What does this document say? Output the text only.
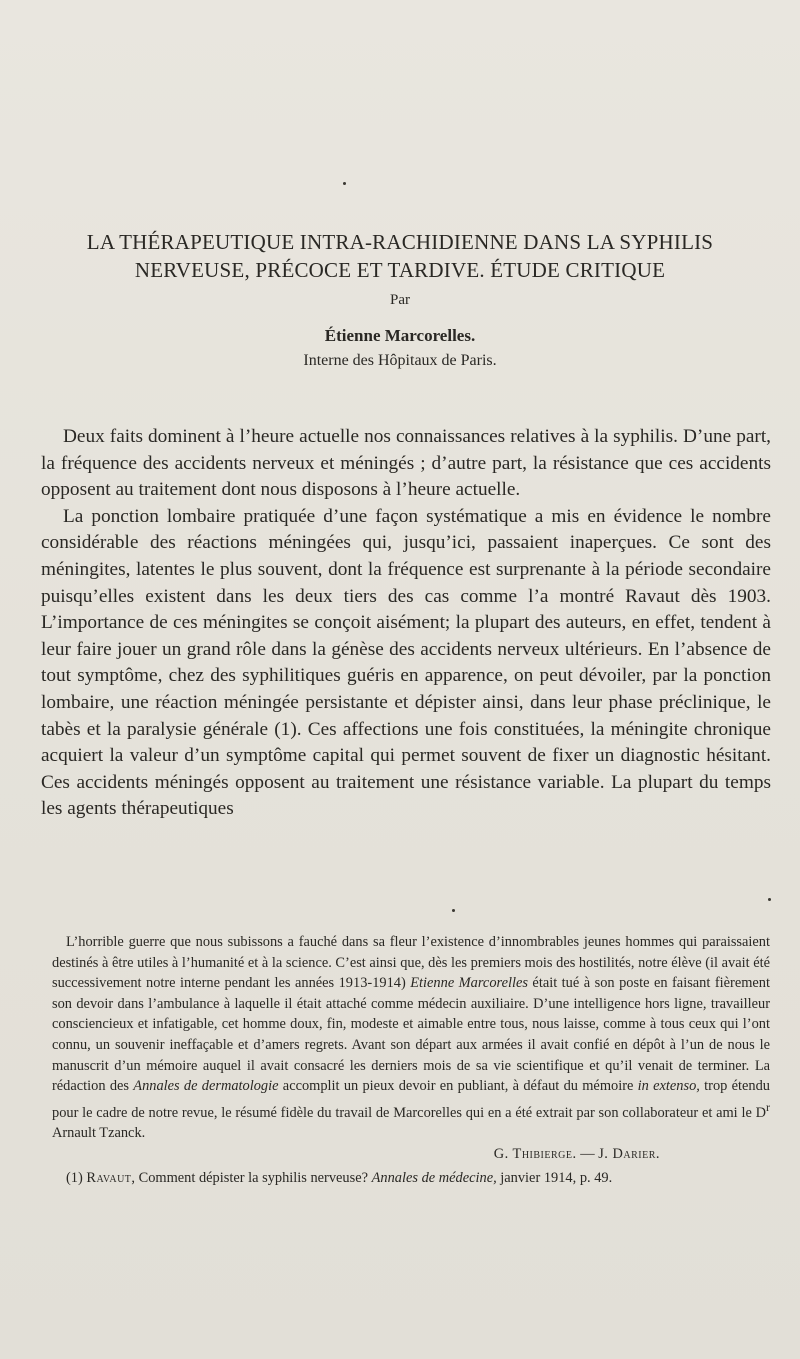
LA THÉRAPEUTIQUE INTRA-RACHIDIENNE DANS LA SYPHILIS
NERVEUSE, PRÉCOCE ET TARDIVE. ÉTUDE CRITIQUE

Par

Étienne Marcorelles.

Interne des Hôpitaux de Paris.

Deux faits dominent à l’heure actuelle nos connaissances relatives à la syphilis. D’une part, la fréquence des accidents nerveux et méningés ; d’autre part, la résistance que ces accidents opposent au traitement dont nous disposons à l’heure actuelle.

La ponction lombaire pratiquée d’une façon systématique a mis en évidence le nombre considérable des réactions méningées qui, jusqu’ici, passaient inaperçues. Ce sont des méningites, latentes le plus souvent, dont la fréquence est surprenante à la période secondaire puisqu’elles existent dans les deux tiers des cas comme l’a montré Ravaut dès 1903. L’importance de ces méningites se conçoit aisément; la plupart des auteurs, en effet, tendent à leur faire jouer un grand rôle dans la génèse des accidents nerveux ultérieurs. En l’absence de tout symptôme, chez des syphilitiques guéris en apparence, on peut dévoiler, par la ponction lombaire, une réaction méningée persistante et dépister ainsi, dans leur phase préclinique, le tabès et la paralysie générale (1). Ces affections une fois constituées, la méningite chronique acquiert la valeur d’un symptôme capital qui permet souvent de fixer un diagnostic hésitant. Ces accidents méningés opposent au traitement une résistance variable. La plupart du temps les agents thérapeutiques

L’horrible guerre que nous subissons a fauché dans sa fleur l’existence d’innombrables jeunes hommes qui paraissaient destinés à être utiles à l’humanité et à la science. C’est ainsi que, dès les premiers mois des hostilités, notre élève (il avait été successivement notre interne pendant les années 1913-1914) Etienne Marcorelles était tué à son poste en faisant fièrement son devoir dans l’ambulance à laquelle il était attaché comme médecin auxiliaire. D’une intelligence hors ligne, travailleur consciencieux et infatigable, cet homme doux, fin, modeste et aimable entre tous, nous laisse, comme à tous ceux qui l’ont connu, un souvenir ineffaçable et d’amers regrets. Avant son départ aux armées il avait confié en dépôt à l’un de nous le manuscrit d’un mémoire auquel il avait consacré les derniers mois de sa vie scientifique et qu’il venait de terminer. La rédaction des Annales de dermatologie accomplit un pieux devoir en publiant, à défaut du mémoire in extenso, trop étendu pour le cadre de notre revue, le résumé fidèle du travail de Marcorelles qui en a été extrait par son collaborateur et ami le $D^r$ Arnault Tzanck.

G. Thibierge. — J. Darier.

(1) Ravaut, Comment dépister la syphilis nerveuse? Annales de médecine, janvier 1914, p. 49.
